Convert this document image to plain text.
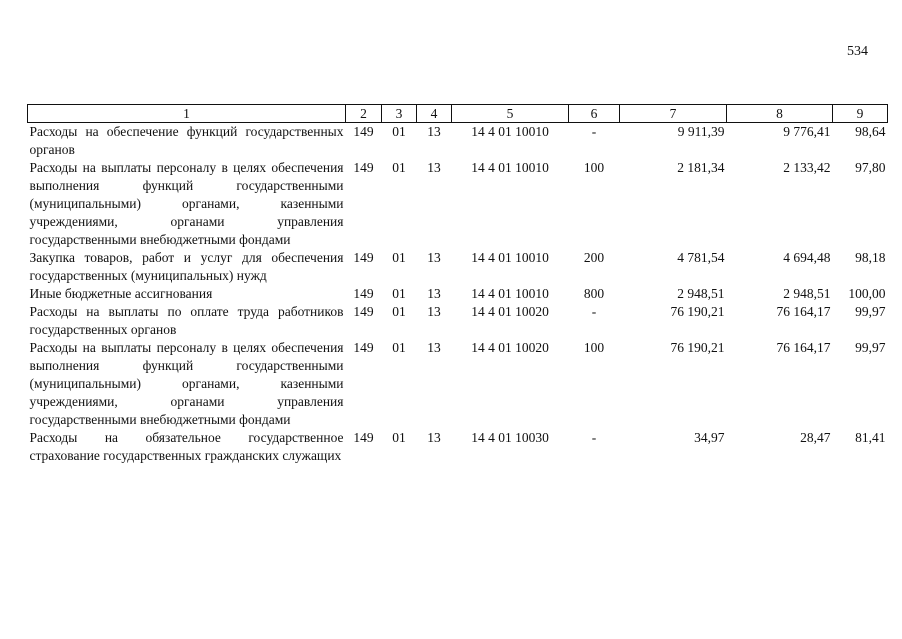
534
1	2	3	4	5	6	7	8	9
Расходы на обеспечение функций государственных органов	149	01	13	14 4 01 10010	-	9 911,39	9 776,41	98,64
Расходы на выплаты персоналу в целях обеспечения выполнения функций государственными (муниципальными) органами, казенными учреждениями, органами управления государственными внебюджетными фондами	149	01	13	14 4 01 10010	100	2 181,34	2 133,42	97,80
Закупка товаров, работ и услуг для обеспечения государственных (муниципальных) нужд	149	01	13	14 4 01 10010	200	4 781,54	4 694,48	98,18
Иные бюджетные ассигнования	149	01	13	14 4 01 10010	800	2 948,51	2 948,51	100,00
Расходы на выплаты по оплате труда работников государственных органов	149	01	13	14 4 01 10020	-	76 190,21	76 164,17	99,97
Расходы на выплаты персоналу в целях обеспечения выполнения функций государственными (муниципальными) органами, казенными учреждениями, органами управления государственными внебюджетными фондами	149	01	13	14 4 01 10020	100	76 190,21	76 164,17	99,97
Расходы на обязательное государственное страхование государственных гражданских служащих	149	01	13	14 4 01 10030	-	34,97	28,47	81,41
